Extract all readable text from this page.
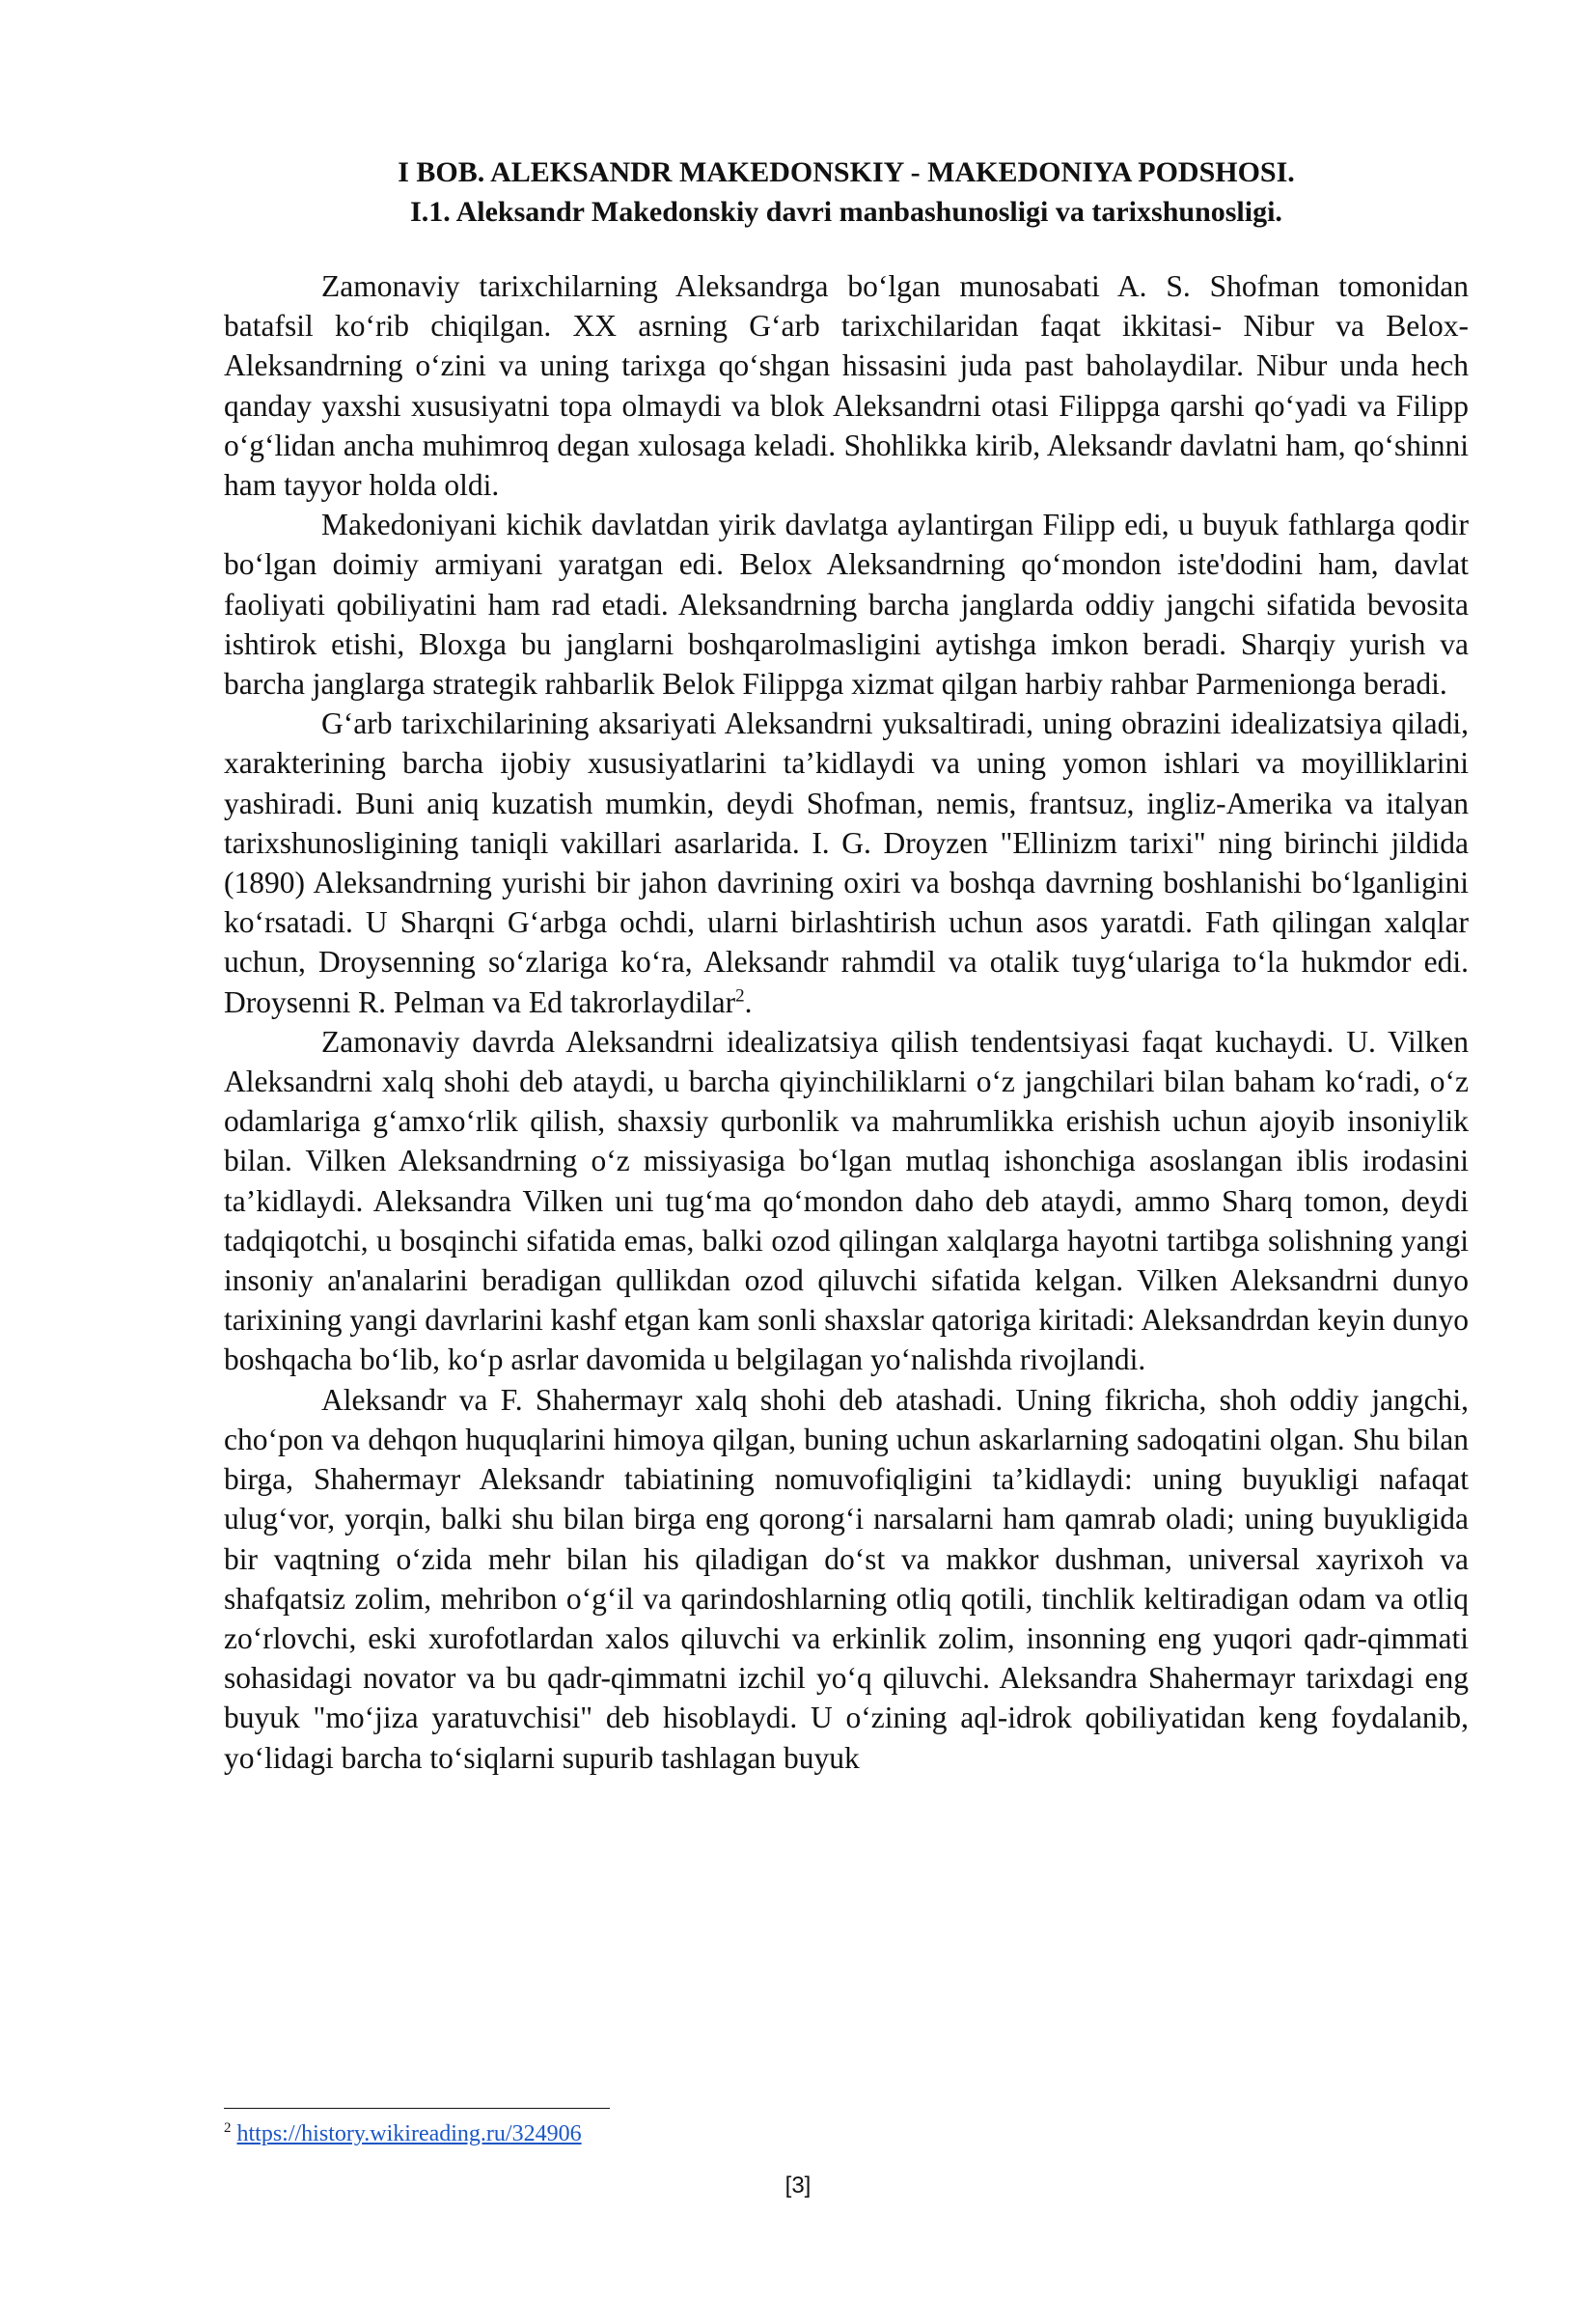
I BOB. ALEKSANDR MAKEDONSKIY - MAKEDONIYA PODSHOSI.
I.1. Aleksandr Makedonskiy davri manbashunosligi va tarixshunosligi.

Zamonaviy tarixchilarning Aleksandrga bo‘lgan munosabati A. S. Shofman tomonidan batafsil ko‘rib chiqilgan. XX asrning G‘arb tarixchilaridan faqat ikkitasi- Nibur va Belox-Aleksandrning o‘zini va uning tarixga qo‘shgan hissasini juda past baholaydilar. Nibur unda hech qanday yaxshi xususiyatni topa olmaydi va blok Aleksandrni otasi Filippga qarshi qo‘yadi va Filipp o‘g‘lidan ancha muhimroq degan xulosaga keladi. Shohlikka kirib, Aleksandr davlatni ham, qo‘shinni ham tayyor holda oldi.

Makedoniyani kichik davlatdan yirik davlatga aylantirgan Filipp edi, u buyuk fathlarga qodir bo‘lgan doimiy armiyani yaratgan edi. Belox Aleksandrning qo‘mondon iste'dodini ham, davlat faoliyati qobiliyatini ham rad etadi. Aleksandrning barcha janglarda oddiy jangchi sifatida bevosita ishtirok etishi, Bloxga bu janglarni boshqarolmasligini aytishga imkon beradi. Sharqiy yurish va barcha janglarga strategik rahbarlik Belok Filippga xizmat qilgan harbiy rahbar Parmenionga beradi.

G‘arb tarixchilarining aksariyati Aleksandrni yuksaltiradi, uning obrazini idealizatsiya qiladi, xarakterining barcha ijobiy xususiyatlarini ta’kidlaydi va uning yomon ishlari va moyilliklarini yashiradi. Buni aniq kuzatish mumkin, deydi Shofman, nemis, frantsuz, ingliz-Amerika va italyan tarixshunosligining taniqli vakillari asarlarida. I. G. Droyzen "Ellinizm tarixi" ning birinchi jildida (1890) Aleksandrning yurishi bir jahon davrining oxiri va boshqa davrning boshlanishi bo‘lganligini ko‘rsatadi. U Sharqni G‘arbga ochdi, ularni birlashtirish uchun asos yaratdi. Fath qilingan xalqlar uchun, Droysenning so‘zlariga ko‘ra, Aleksandr rahmdil va otalik tuyg‘ulariga to‘la hukmdor edi. Droysenni R. Pelman va Ed takrorlaydilar$^2$.

Zamonaviy davrda Aleksandrni idealizatsiya qilish tendentsiyasi faqat kuchaydi. U. Vilken Aleksandrni xalq shohi deb ataydi, u barcha qiyinchiliklarni o‘z jangchilari bilan baham ko‘radi, o‘z odamlariga g‘amxo‘rlik qilish, shaxsiy qurbonlik va mahrumlikka erishish uchun ajoyib insoniylik bilan. Vilken Aleksandrning o‘z missiyasiga bo‘lgan mutlaq ishonchiga asoslangan iblis irodasini ta’kidlaydi. Aleksandra Vilken uni tug‘ma qo‘mondon daho deb ataydi, ammo Sharq tomon, deydi tadqiqotchi, u bosqinchi sifatida emas, balki ozod qilingan xalqlarga hayotni tartibga solishning yangi insoniy an'analarini beradigan qullikdan ozod qiluvchi sifatida kelgan. Vilken Aleksandrni dunyo tarixining yangi davrlarini kashf etgan kam sonli shaxslar qatoriga kiritadi: Aleksandrdan keyin dunyo boshqacha bo‘lib, ko‘p asrlar davomida u belgilagan yo‘nalishda rivojlandi.

Aleksandr va F. Shahermayr xalq shohi deb atashadi. Uning fikricha, shoh oddiy jangchi, cho‘pon va dehqon huquqlarini himoya qilgan, buning uchun askarlarning sadoqatini olgan. Shu bilan birga, Shahermayr Aleksandr tabiatining nomuvofiqligini ta’kidlaydi: uning buyukligi nafaqat ulug‘vor, yorqin, balki shu bilan birga eng qorong‘i narsalarni ham qamrab oladi; uning buyukligida bir vaqtning o‘zida mehr bilan his qiladigan do‘st va makkor dushman, universal xayrixoh va shafqatsiz zolim, mehribon o‘g‘il va qarindoshlarning otliq qotili, tinchlik keltiradigan odam va otliq zo‘rlovchi, eski xurofotlardan xalos qiluvchi va erkinlik zolim, insonning eng yuqori qadr-qimmati sohasidagi novator va bu qadr-qimmatni izchil yo‘q qiluvchi. Aleksandra Shahermayr tarixdagi eng buyuk "mo‘jiza yaratuvchisi" deb hisoblaydi. U o‘zining aql-idrok qobiliyatidan keng foydalanib, yo‘lidagi barcha to‘siqlarni supurib tashlagan buyuk

$^2$ https://history.wikireading.ru/324906
[3]
